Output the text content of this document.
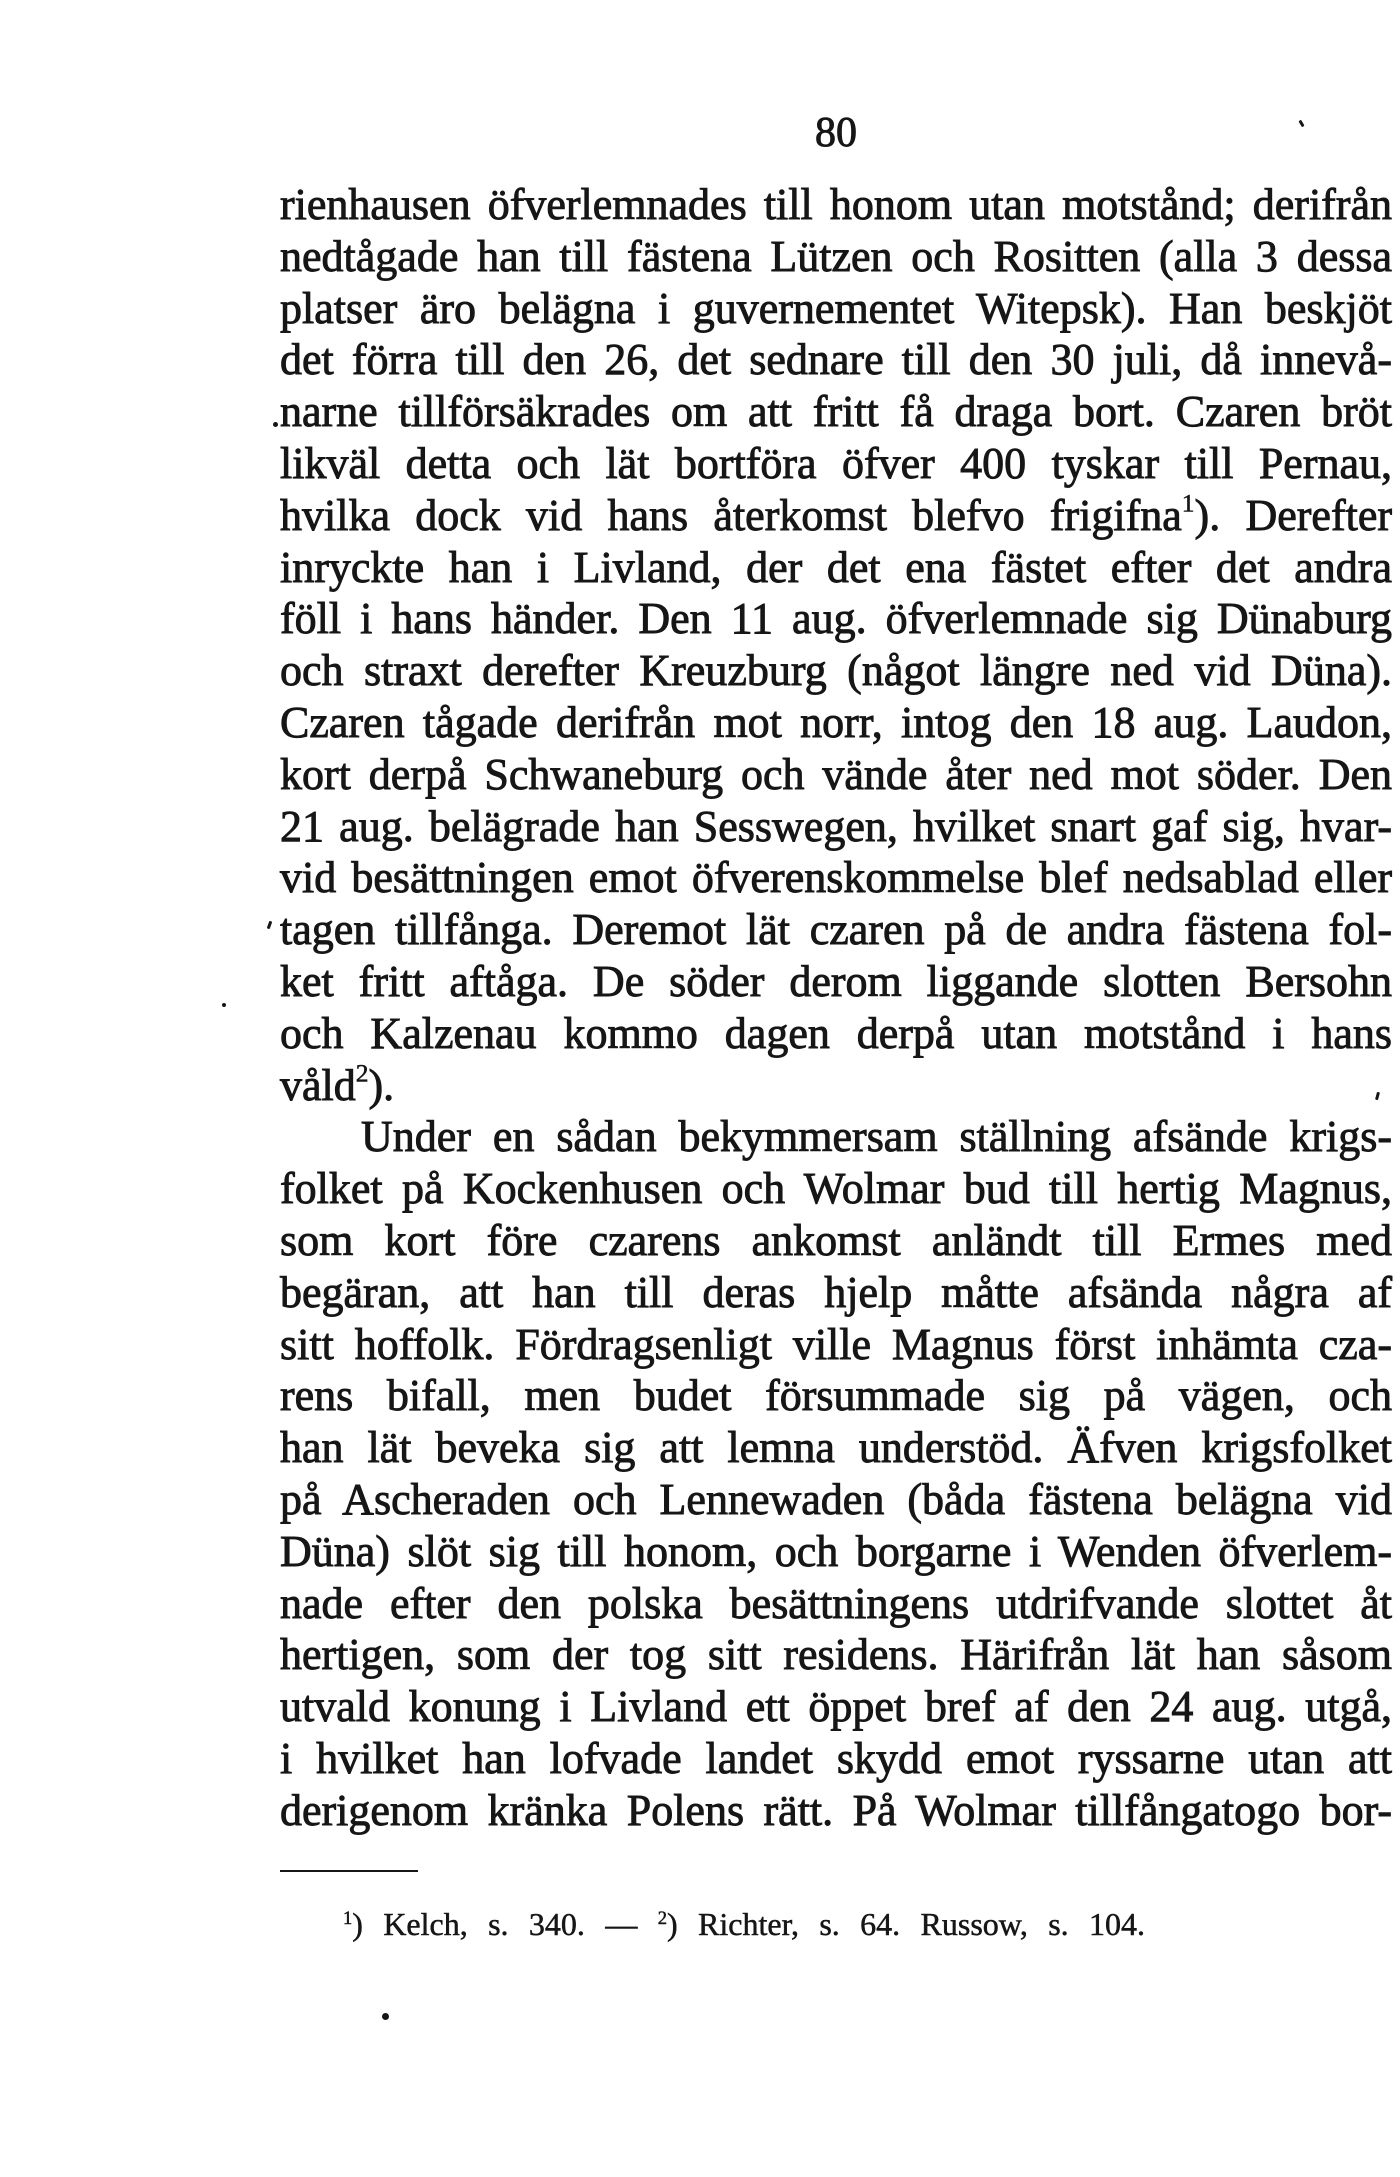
80
rienhausen öfverlemnades till honom utan motstånd; derifrån
nedtågade han till fästena Lützen och Rositten (alla 3 dessa
platser äro belägna i guvernementet Witepsk). Han beskjöt
det förra till den 26, det sednare till den 30 juli, då innevå-
narne tillförsäkrades om att fritt få draga bort. Czaren bröt
likväl detta och lät bortföra öfver 400 tyskar till Pernau,
hvilka dock vid hans återkomst blefvo frigifna$^1$). Derefter
inryckte han i Livland, der det ena fästet efter det andra
föll i hans händer. Den 11 aug. öfverlemnade sig Dünaburg
och straxt derefter Kreuzburg (något längre ned vid Düna).
Czaren tågade derifrån mot norr, intog den 18 aug. Laudon,
kort derpå Schwaneburg och vände åter ned mot söder. Den
21 aug. belägrade han Sesswegen, hvilket snart gaf sig, hvar-
vid besättningen emot öfverenskommelse blef nedsablad eller
tagen tillfånga. Deremot lät czaren på de andra fästena fol-
ket fritt aftåga. De söder derom liggande slotten Bersohn
och Kalzenau kommo dagen derpå utan motstånd i hans
våld$^2$).
Under en sådan bekymmersam ställning afsände krigs-
folket på Kockenhusen och Wolmar bud till hertig Magnus,
som kort före czarens ankomst anländt till Ermes med
begäran, att han till deras hjelp måtte afsända några af
sitt hoffolk. Fördragsenligt ville Magnus först inhämta cza-
rens bifall, men budet försummade sig på vägen, och
han lät beveka sig att lemna understöd. Äfven krigsfolket
på Ascheraden och Lennewaden (båda fästena belägna vid
Düna) slöt sig till honom, och borgarne i Wenden öfverlem-
nade efter den polska besättningens utdrifvande slottet åt
hertigen, som der tog sitt residens. Härifrån lät han såsom
utvald konung i Livland ett öppet bref af den 24 aug. utgå,
i hvilket han lofvade landet skydd emot ryssarne utan att
derigenom kränka Polens rätt. På Wolmar tillfångatogo bor-
$^1$) Kelch, s. 340. — $^2$) Richter, s. 64. Russow, s. 104.
